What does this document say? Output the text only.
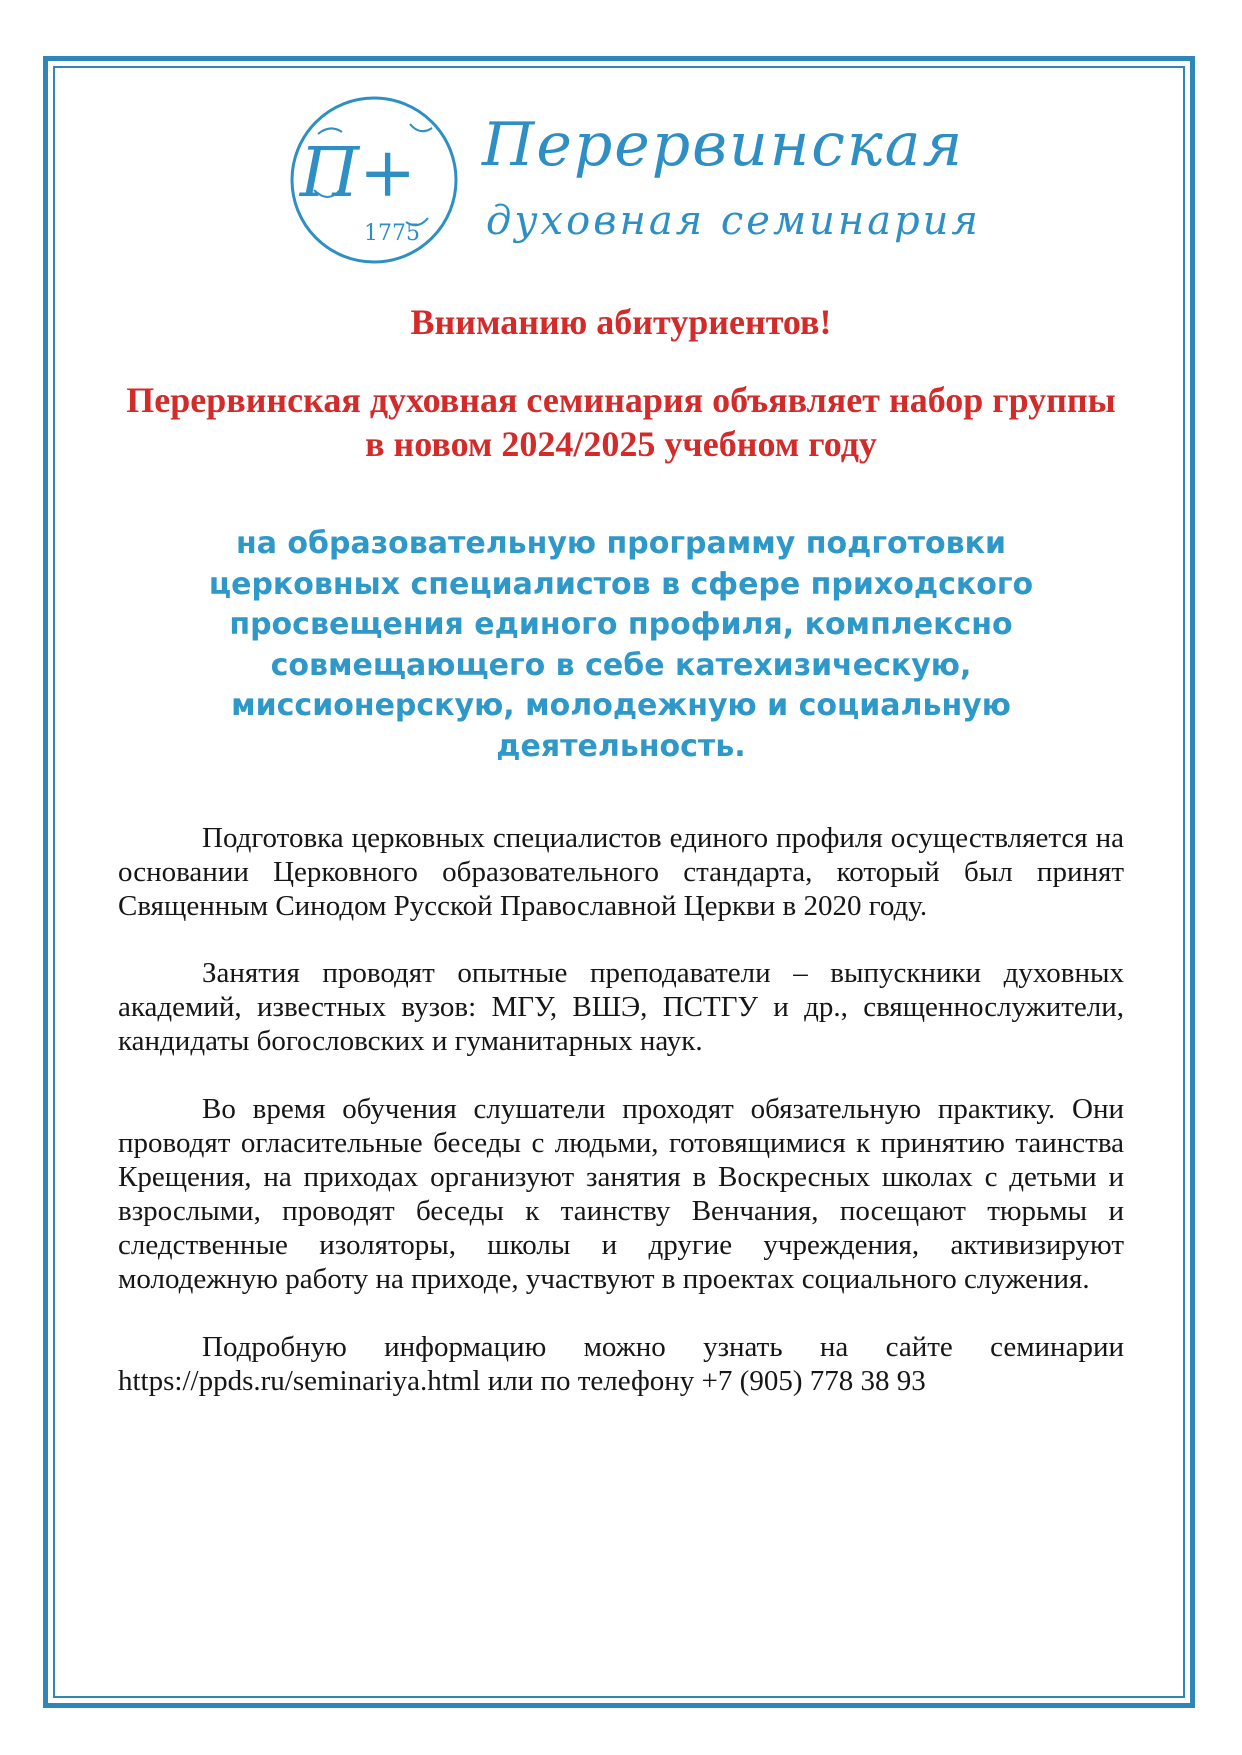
П+
1775
Перервинская
духовная семинария
Вниманию абитуриентов!
Перервинская духовная семинария объявляет набор группы в новом 2024/2025 учебном году
на образовательную программу подготовки церковных специалистов в сфере приходского просвещения единого профиля, комплексно совмещающего в себе катехизическую, миссионерскую, молодежную и социальную деятельность.

Подготовка церковных специалистов единого профиля осуществляется на основании Церковного образовательного стандарта, который был принят Священным Синодом Русской Православной Церкви в 2020 году.

Занятия проводят опытные преподаватели – выпускники духовных академий, известных вузов: МГУ, ВШЭ, ПСТГУ и др., священнослужители, кандидаты богословских и гуманитарных наук.

Во время обучения слушатели проходят обязательную практику. Они проводят огласительные беседы с людьми, готовящимися к принятию таинства Крещения, на приходах организуют занятия в Воскресных школах с детьми и взрослыми, проводят беседы к таинству Венчания, посещают тюрьмы и следственные изоляторы, школы и другие учреждения, активизируют молодежную работу на приходе, участвуют в проектах социального служения.

Подробную информацию можно узнать на сайте семинарии https://ppds.ru/seminariya.html или по телефону +7 (905) 778 38 93
